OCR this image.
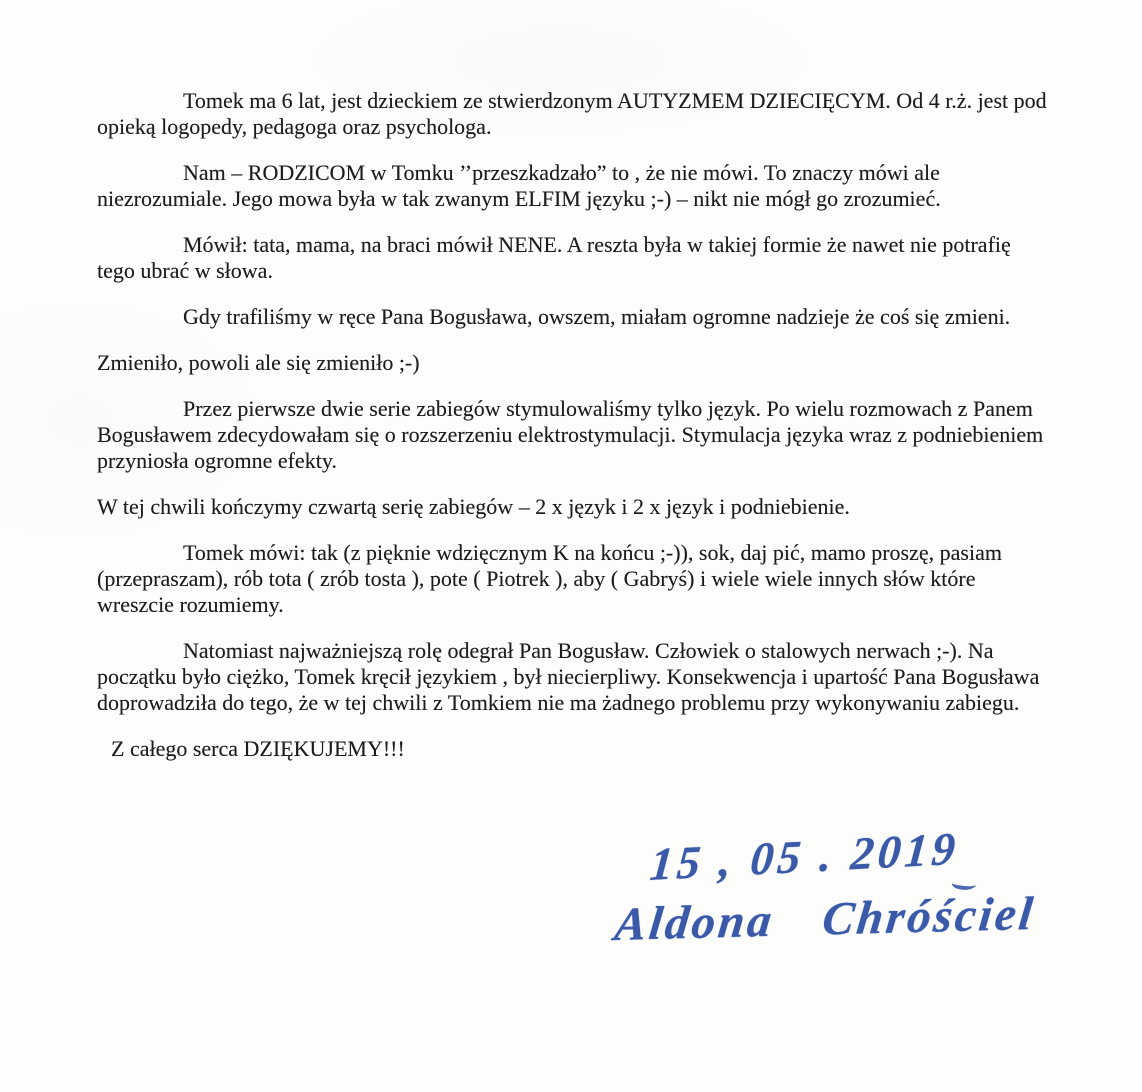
Tomek ma 6 lat, jest dzieckiem ze stwierdzonym AUTYZMEM DZIECIĘCYM. Od 4 r.ż. jest pod opieką logopedy, pedagoga oraz psychologa.

Nam – RODZICOM w Tomku ’’przeszkadzało” to , że nie mówi. To znaczy mówi ale niezrozumiale. Jego mowa była w tak zwanym ELFIM języku ;-) – nikt nie mógł go zrozumieć.

Mówił: tata, mama, na braci mówił NENE. A reszta była w takiej formie że nawet nie potrafię tego ubrać w słowa.

Gdy trafiliśmy w ręce Pana Bogusława, owszem, miałam ogromne nadzieje że coś się zmieni.

Zmieniło, powoli ale się zmieniło ;-)

Przez pierwsze dwie serie zabiegów stymulowaliśmy tylko język. Po wielu rozmowach z Panem Bogusławem zdecydowałam się o rozszerzeniu elektrostymulacji. Stymulacja języka wraz z podniebieniem przyniosła ogromne efekty.

W tej chwili kończymy czwartą serię zabiegów – 2 x język i 2 x język i podniebienie.

Tomek mówi: tak (z pięknie wdzięcznym K na końcu ;-)), sok, daj pić, mamo proszę, pasiam (przepraszam), rób tota ( zrób tosta ), pote ( Piotrek ), aby ( Gabryś) i wiele wiele innych słów które wreszcie rozumiemy.

Natomiast najważniejszą rolę odegrał Pan Bogusław. Człowiek o stalowych nerwach ;-). Na początku było ciężko, Tomek kręcił językiem , był niecierpliwy. Konsekwencja i upartość Pana Bogusława doprowadziła do tego, że w tej chwili z Tomkiem nie ma żadnego problemu przy wykonywaniu zabiegu.

Z całego serca DZIĘKUJEMY!!!

15 , 05 . 2019
Aldona Chróściel
